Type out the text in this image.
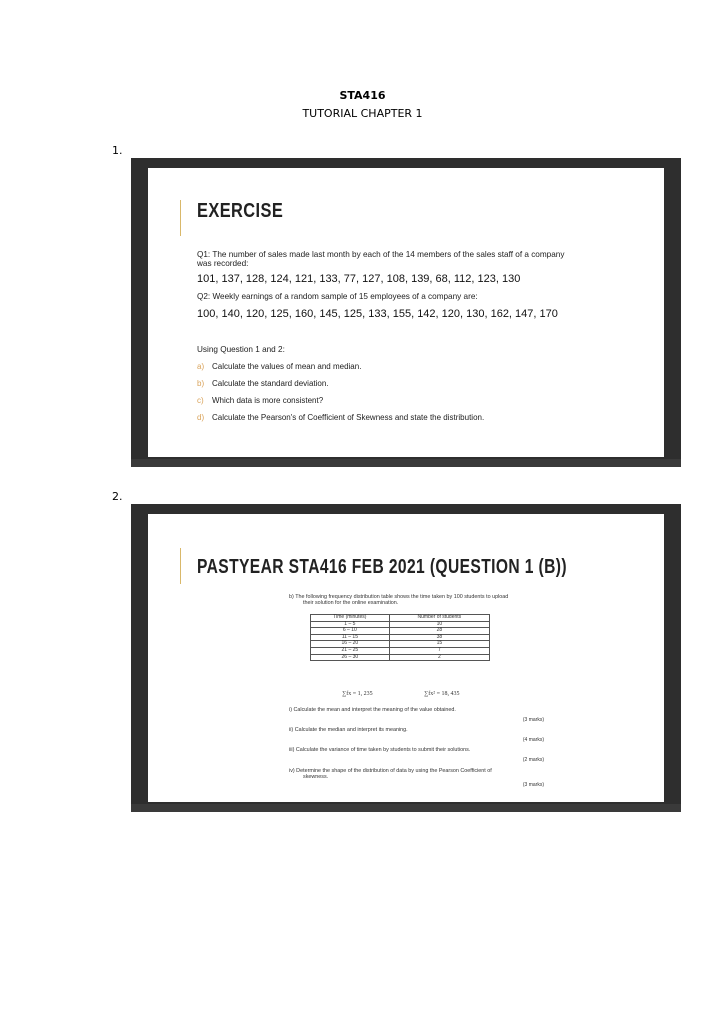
STA416
TUTORIAL CHAPTER 1
1.
EXERCISE
Q1: The number of sales made last month by each of the 14 members of the sales staff of a company
was recorded:
101, 137, 128, 124, 121, 133, 77, 127, 108, 139, 68, 112, 123, 130
Q2: Weekly earnings of a random sample of 15 employees of a company are:
100, 140, 120, 125, 160, 145, 125, 133, 155, 142, 120, 130, 162, 147, 170
Using Question 1 and 2:
a) Calculate the values of mean and median.
b) Calculate the standard deviation.
c) Which data is more consistent?
d) Calculate the Pearson's of Coefficient of Skewness and state the distribution.
2.
PASTYEAR STA416 FEB 2021 (QUESTION 1 (B))
b) The following frequency distribution table shows the time taken by 100 students to upload
their solution for the online examination.
Time (minutes)	Number of students
1 – 5	10
6 – 10	28
11 – 15	38
16 – 20	15
21 – 25	7
26 – 30	2
∑fx = 1, 235	∑fx² = 18, 435
i) Calculate the mean and interpret the meaning of the value obtained.
(3 marks)
ii) Calculate the median and interpret its meaning.
(4 marks)
iii) Calculate the variance of time taken by students to submit their solutions.
(2 marks)
iv) Determine the shape of the distribution of data by using the Pearson Coefficient of
skewness.
(3 marks)
